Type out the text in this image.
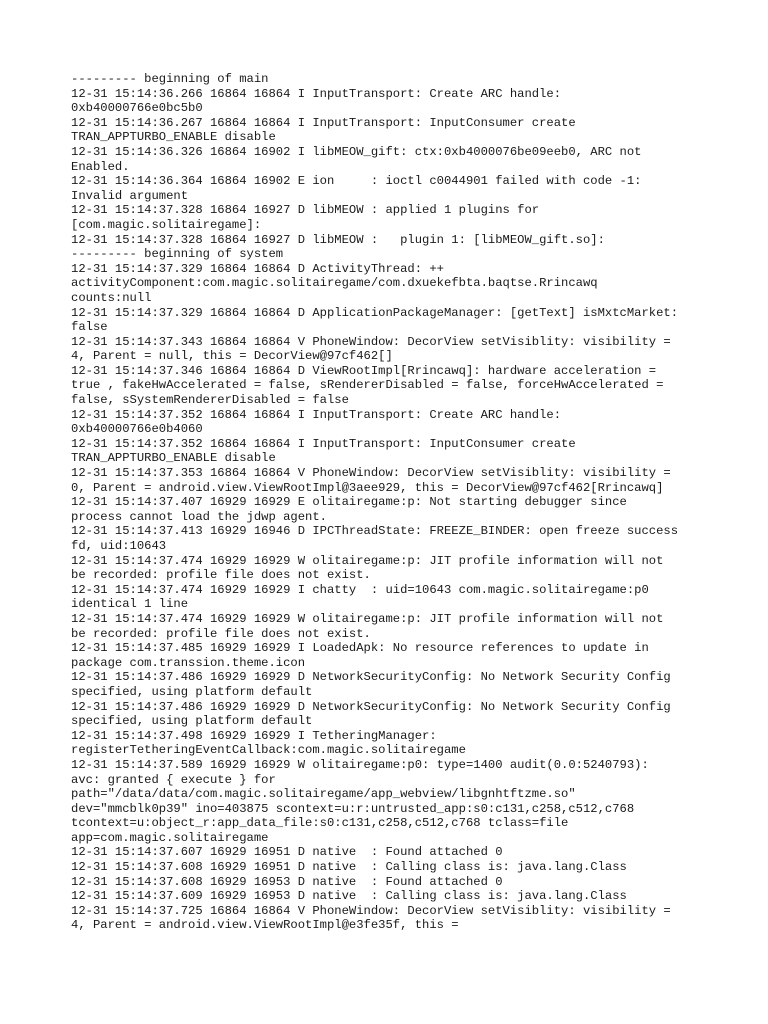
--------- beginning of main
12-31 15:14:36.266 16864 16864 I InputTransport: Create ARC handle:
0xb40000766e0bc5b0
12-31 15:14:36.267 16864 16864 I InputTransport: InputConsumer create
TRAN_APPTURBO_ENABLE disable
12-31 15:14:36.326 16864 16902 I libMEOW_gift: ctx:0xb4000076be09eeb0, ARC not
Enabled.
12-31 15:14:36.364 16864 16902 E ion     : ioctl c0044901 failed with code -1:
Invalid argument
12-31 15:14:37.328 16864 16927 D libMEOW : applied 1 plugins for
[com.magic.solitairegame]:
12-31 15:14:37.328 16864 16927 D libMEOW :   plugin 1: [libMEOW_gift.so]:
--------- beginning of system
12-31 15:14:37.329 16864 16864 D ActivityThread: ++
activityComponent:com.magic.solitairegame/com.dxuekefbta.baqtse.Rrincawq
counts:null
12-31 15:14:37.329 16864 16864 D ApplicationPackageManager: [getText] isMxtcMarket:
false
12-31 15:14:37.343 16864 16864 V PhoneWindow: DecorView setVisiblity: visibility =
4, Parent = null, this = DecorView@97cf462[]
12-31 15:14:37.346 16864 16864 D ViewRootImpl[Rrincawq]: hardware acceleration =
true , fakeHwAccelerated = false, sRendererDisabled = false, forceHwAccelerated =
false, sSystemRendererDisabled = false
12-31 15:14:37.352 16864 16864 I InputTransport: Create ARC handle:
0xb40000766e0b4060
12-31 15:14:37.352 16864 16864 I InputTransport: InputConsumer create
TRAN_APPTURBO_ENABLE disable
12-31 15:14:37.353 16864 16864 V PhoneWindow: DecorView setVisiblity: visibility =
0, Parent = android.view.ViewRootImpl@3aee929, this = DecorView@97cf462[Rrincawq]
12-31 15:14:37.407 16929 16929 E olitairegame:p: Not starting debugger since
process cannot load the jdwp agent.
12-31 15:14:37.413 16929 16946 D IPCThreadState: FREEZE_BINDER: open freeze success
fd, uid:10643
12-31 15:14:37.474 16929 16929 W olitairegame:p: JIT profile information will not
be recorded: profile file does not exist.
12-31 15:14:37.474 16929 16929 I chatty  : uid=10643 com.magic.solitairegame:p0
identical 1 line
12-31 15:14:37.474 16929 16929 W olitairegame:p: JIT profile information will not
be recorded: profile file does not exist.
12-31 15:14:37.485 16929 16929 I LoadedApk: No resource references to update in
package com.transsion.theme.icon
12-31 15:14:37.486 16929 16929 D NetworkSecurityConfig: No Network Security Config
specified, using platform default
12-31 15:14:37.486 16929 16929 D NetworkSecurityConfig: No Network Security Config
specified, using platform default
12-31 15:14:37.498 16929 16929 I TetheringManager:
registerTetheringEventCallback:com.magic.solitairegame
12-31 15:14:37.589 16929 16929 W olitairegame:p0: type=1400 audit(0.0:5240793):
avc: granted { execute } for
path="/data/data/com.magic.solitairegame/app_webview/libgnhtftzme.so"
dev="mmcblk0p39" ino=403875 scontext=u:r:untrusted_app:s0:c131,c258,c512,c768
tcontext=u:object_r:app_data_file:s0:c131,c258,c512,c768 tclass=file
app=com.magic.solitairegame
12-31 15:14:37.607 16929 16951 D native  : Found attached 0
12-31 15:14:37.608 16929 16951 D native  : Calling class is: java.lang.Class
12-31 15:14:37.608 16929 16953 D native  : Found attached 0
12-31 15:14:37.609 16929 16953 D native  : Calling class is: java.lang.Class
12-31 15:14:37.725 16864 16864 V PhoneWindow: DecorView setVisiblity: visibility =
4, Parent = android.view.ViewRootImpl@e3fe35f, this =
